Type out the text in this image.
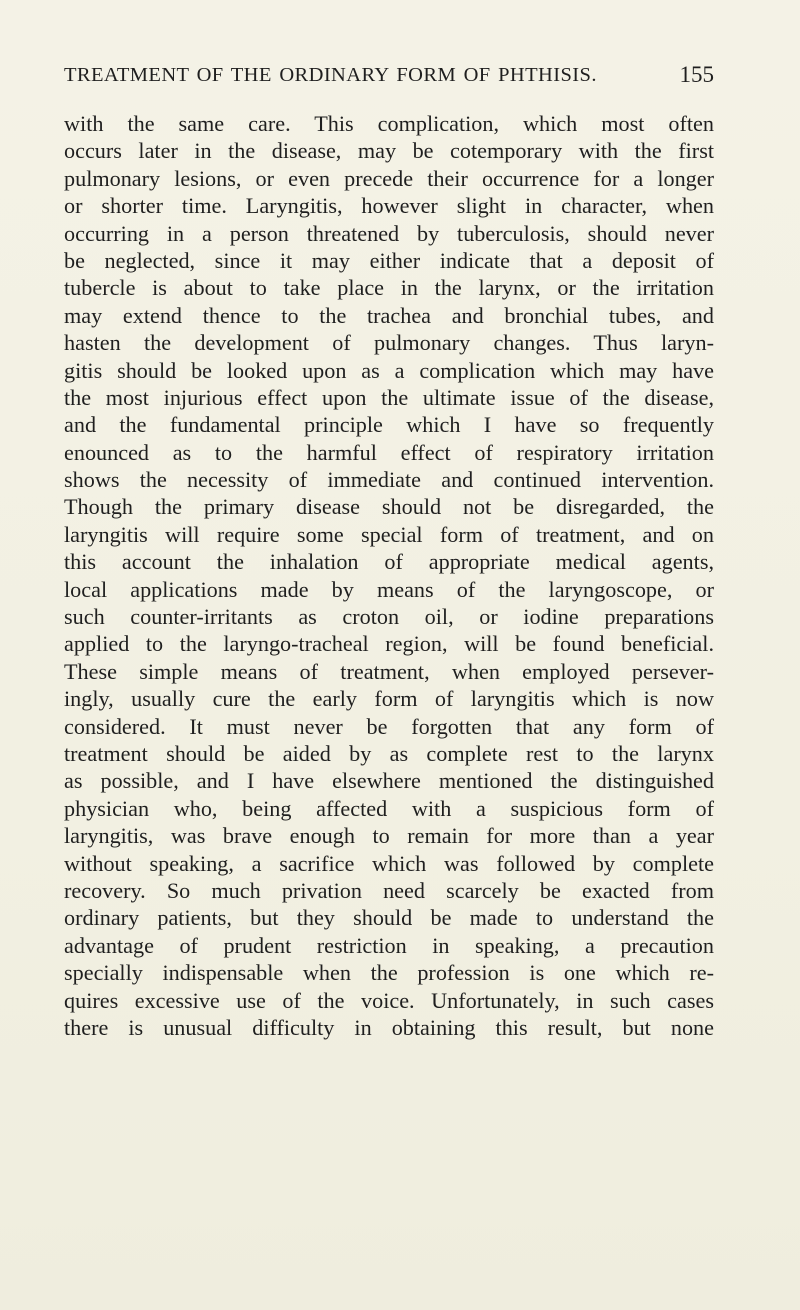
TREATMENT OF THE ORDINARY FORM OF PHTHISIS.	155
with the same care. This complication, which most often
occurs later in the disease, may be cotemporary with the first
pulmonary lesions, or even precede their occurrence for a longer
or shorter time. Laryngitis, however slight in character, when
occurring in a person threatened by tuberculosis, should never
be neglected, since it may either indicate that a deposit of
tubercle is about to take place in the larynx, or the irritation
may extend thence to the trachea and bronchial tubes, and
hasten the development of pulmonary changes. Thus laryn-
gitis should be looked upon as a complication which may have
the most injurious effect upon the ultimate issue of the disease,
and the fundamental principle which I have so frequently
enounced as to the harmful effect of respiratory irritation
shows the necessity of immediate and continued intervention.
Though the primary disease should not be disregarded, the
laryngitis will require some special form of treatment, and on
this account the inhalation of appropriate medical agents,
local applications made by means of the laryngoscope, or
such counter-irritants as croton oil, or iodine preparations
applied to the laryngo-tracheal region, will be found beneficial.
These simple means of treatment, when employed persever-
ingly, usually cure the early form of laryngitis which is now
considered. It must never be forgotten that any form of
treatment should be aided by as complete rest to the larynx
as possible, and I have elsewhere mentioned the distinguished
physician who, being affected with a suspicious form of
laryngitis, was brave enough to remain for more than a year
without speaking, a sacrifice which was followed by complete
recovery. So much privation need scarcely be exacted from
ordinary patients, but they should be made to understand the
advantage of prudent restriction in speaking, a precaution
specially indispensable when the profession is one which re-
quires excessive use of the voice. Unfortunately, in such cases
there is unusual difficulty in obtaining this result, but none
